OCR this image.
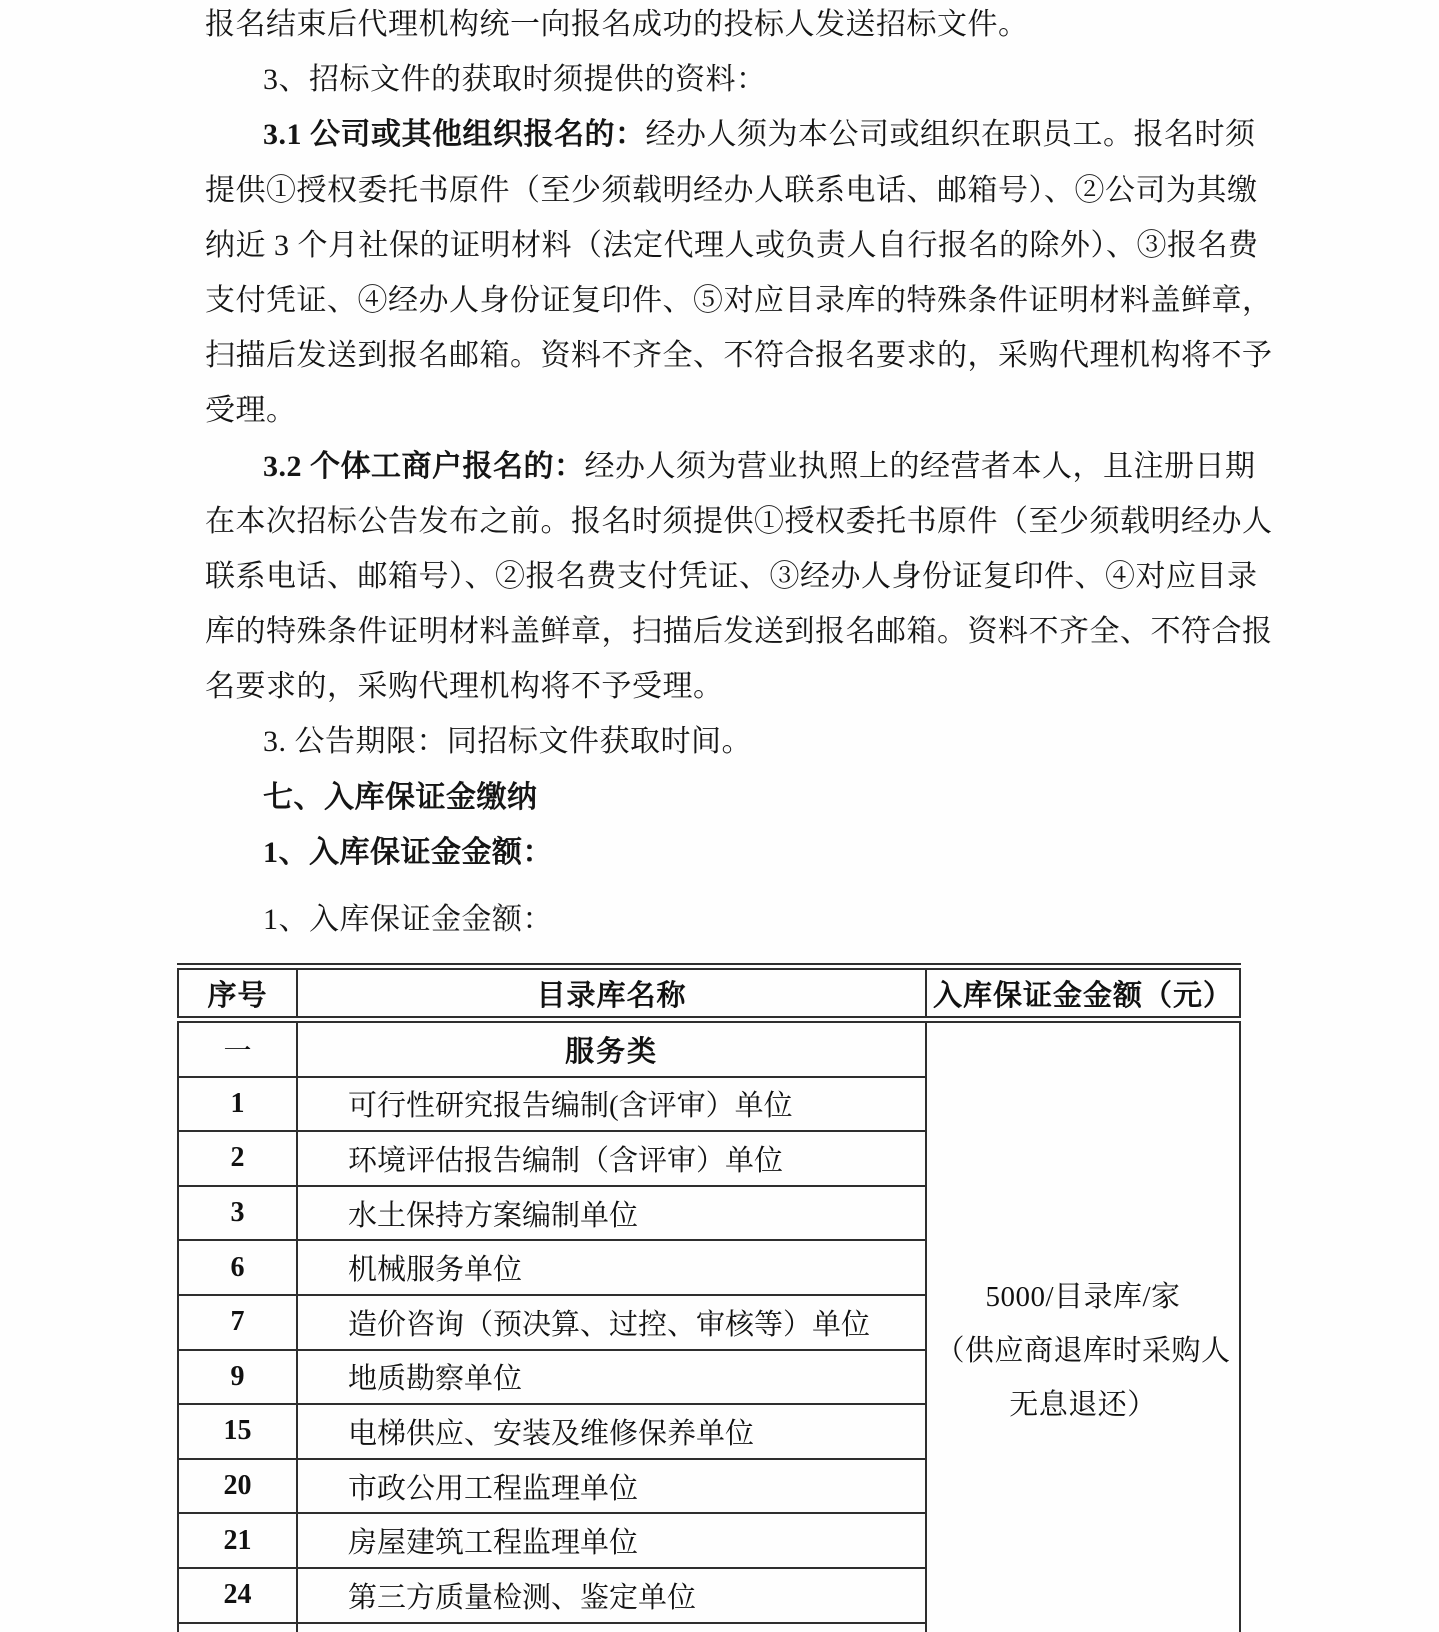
报名结束后代理机构统一向报名成功的投标人发送招标文件。
3、招标文件的获取时须提供的资料：
3.1 公司或其他组织报名的：经办人须为本公司或组织在职员工。报名时须
提供①授权委托书原件（至少须载明经办人联系电话、邮箱号）、②公司为其缴
纳近 3 个月社保的证明材料（法定代理人或负责人自行报名的除外）、③报名费
支付凭证、④经办人身份证复印件、⑤对应目录库的特殊条件证明材料盖鲜章，
扫描后发送到报名邮箱。资料不齐全、不符合报名要求的，采购代理机构将不予
受理。
3.2 个体工商户报名的：经办人须为营业执照上的经营者本人，且注册日期
在本次招标公告发布之前。报名时须提供①授权委托书原件（至少须载明经办人
联系电话、邮箱号）、②报名费支付凭证、③经办人身份证复印件、④对应目录
库的特殊条件证明材料盖鲜章，扫描后发送到报名邮箱。资料不齐全、不符合报
名要求的，采购代理机构将不予受理。
3. 公告期限：同招标文件获取时间。
七、入库保证金缴纳
1、入库保证金金额：
1、入库保证金金额：
序号	目录库名称	入库保证金金额（元）
一	服务类	5000/目录库/家
（供应商退库时采购人
无息退还）

1	可行性研究报告编制(含评审）单位	
2	环境评估报告编制（含评审）单位	
3	水土保持方案编制单位	
6	机械服务单位	
7	造价咨询（预决算、过控、审核等）单位	
9	地质勘察单位	
15	电梯供应、安装及维修保养单位	
20	市政公用工程监理单位	
21	房屋建筑工程监理单位	
24	第三方质量检测、鉴定单位	
